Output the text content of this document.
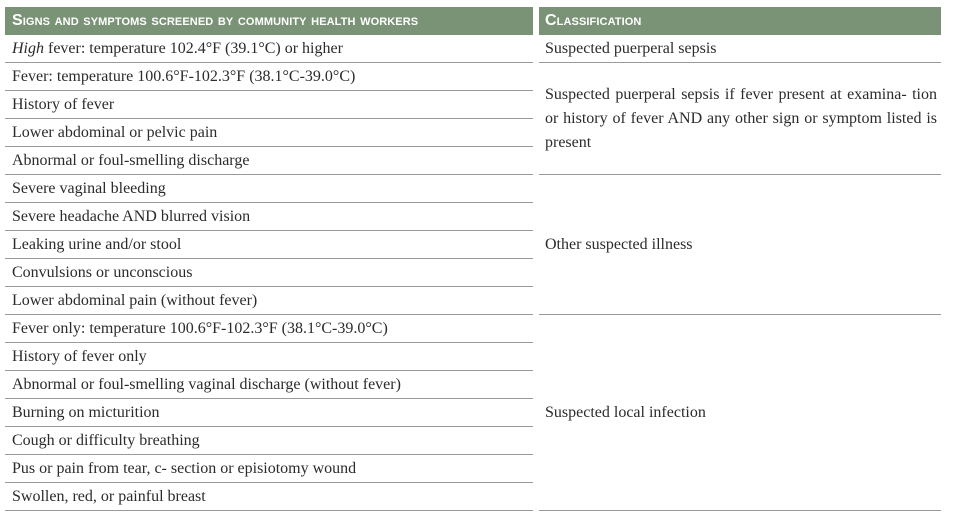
Signs and symptoms screened by community health workers	Classification
High fever: temperature 102.4°F (39.1°C) or higher	Suspected puerperal sepsis
Fever: temperature 100.6°F-102.3°F (38.1°C-39.0°C)	Suspected puerperal sepsis if fever present at examina- tion or history of fever AND any other sign or symptom listed is present
History of fever	
Lower abdominal or pelvic pain	
Abnormal or foul-smelling discharge	
Severe vaginal bleeding	Other suspected illness
Severe headache AND blurred vision	
Leaking urine and/or stool	
Convulsions or unconscious	
Lower abdominal pain (without fever)	
Fever only: temperature 100.6°F-102.3°F (38.1°C-39.0°C)	Suspected local infection
History of fever only	
Abnormal or foul-smelling vaginal discharge (without fever)	
Burning on micturition	
Cough or difficulty breathing	
Pus or pain from tear, c- section or episiotomy wound	
Swollen, red, or painful breast	
